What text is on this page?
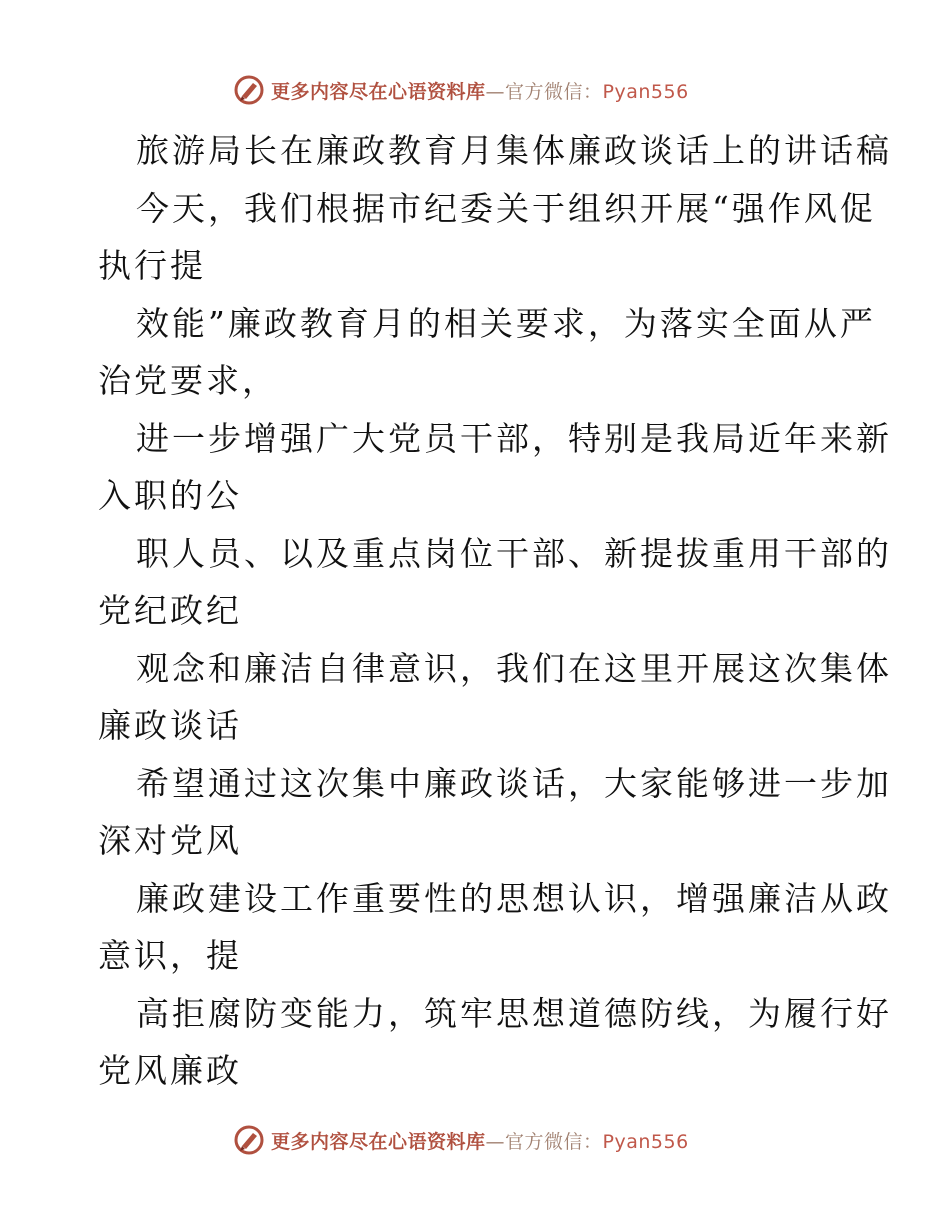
更多内容尽在心语资料库—官方微信：Pyan556
旅游局长在廉政教育月集体廉政谈话上的讲话稿
今天，我们根据市纪委关于组织开展“强作风促
执行提
效能”廉政教育月的相关要求，为落实全面从严
治党要求，
进一步增强广大党员干部，特别是我局近年来新
入职的公
职人员、以及重点岗位干部、新提拔重用干部的
党纪政纪
观念和廉洁自律意识，我们在这里开展这次集体
廉政谈话
希望通过这次集中廉政谈话，大家能够进一步加
深对党风
廉政建设工作重要性的思想认识，增强廉洁从政
意识，提
高拒腐防变能力，筑牢思想道德防线，为履行好
党风廉政
更多内容尽在心语资料库—官方微信：Pyan556
